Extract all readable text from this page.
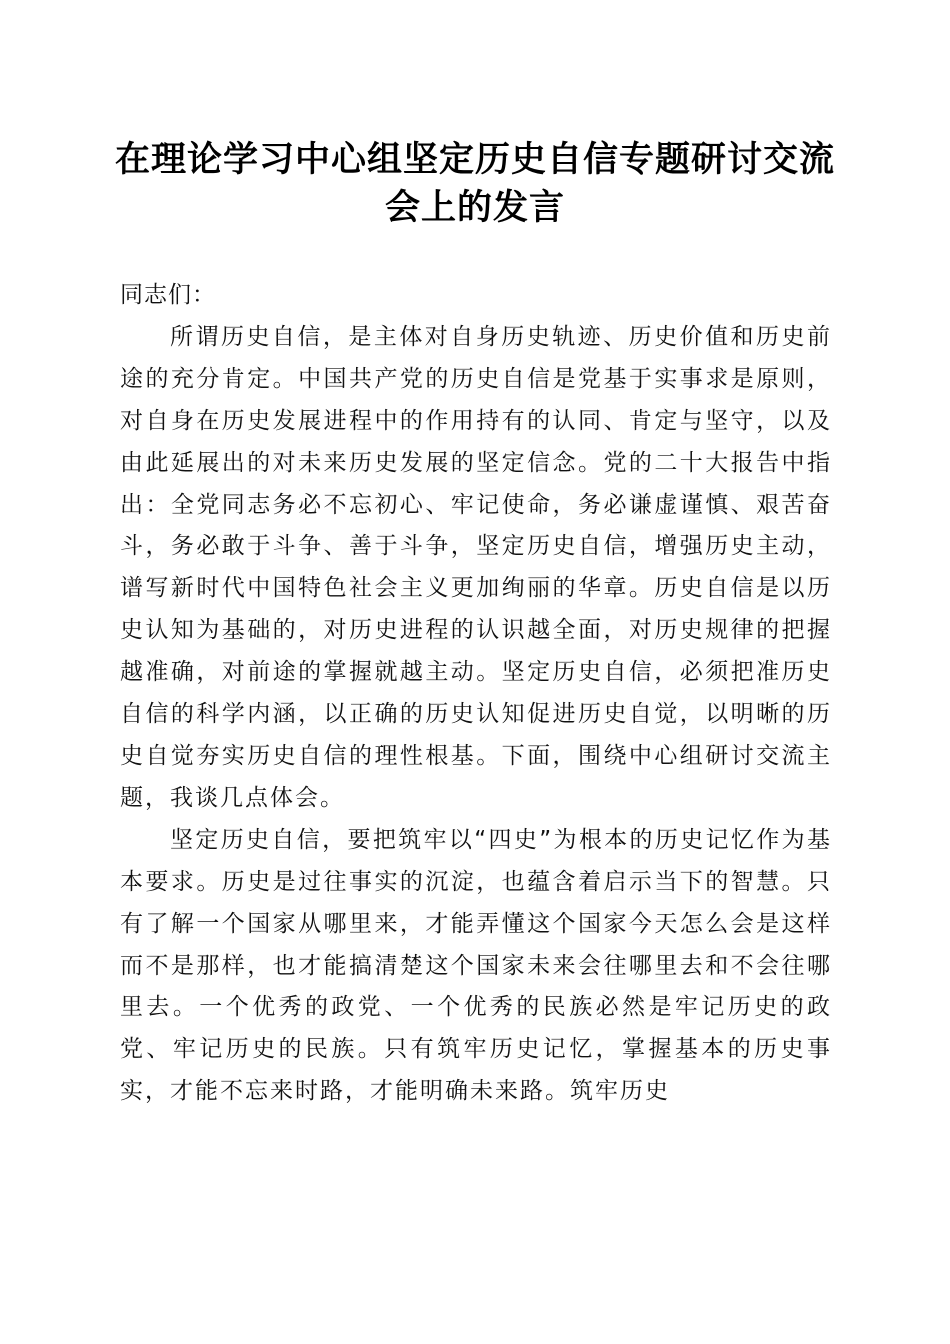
在理论学习中心组坚定历史自信专题研讨交流
会上的发言

同志们：

所谓历史自信，是主体对自身历史轨迹、历史价值和历史前途的充分肯定。中国共产党的历史自信是党基于实事求是原则，对自身在历史发展进程中的作用持有的认同、肯定与坚守，以及由此延展出的对未来历史发展的坚定信念。党的二十大报告中指出：全党同志务必不忘初心、牢记使命，务必谦虚谨慎、艰苦奋斗，务必敢于斗争、善于斗争，坚定历史自信，增强历史主动，谱写新时代中国特色社会主义更加绚丽的华章。历史自信是以历史认知为基础的，对历史进程的认识越全面，对历史规律的把握越准确，对前途的掌握就越主动。坚定历史自信，必须把准历史自信的科学内涵，以正确的历史认知促进历史自觉，以明晰的历史自觉夯实历史自信的理性根基。下面，围绕中心组研讨交流主题，我谈几点体会。

坚定历史自信，要把筑牢以“四史”为根本的历史记忆作为基本要求。历史是过往事实的沉淀，也蕴含着启示当下的智慧。只有了解一个国家从哪里来，才能弄懂这个国家今天怎么会是这样而不是那样，也才能搞清楚这个国家未来会往哪里去和不会往哪里去。一个优秀的政党、一个优秀的民族必然是牢记历史的政党、牢记历史的民族。只有筑牢历史记忆，掌握基本的历史事实，才能不忘来时路，才能明确未来路。筑牢历史
